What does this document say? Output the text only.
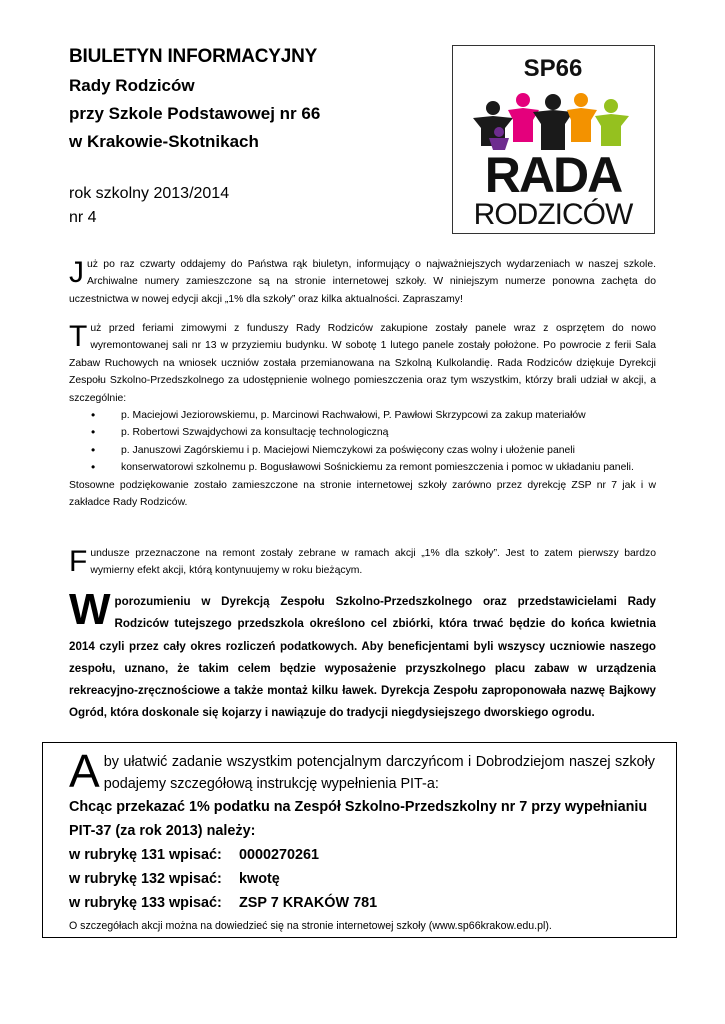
BIULETYN INFORMACYJNY
Rady Rodziców
przy Szkole Podstawowej nr 66
w Krakowie-Skotnikach
rok szkolny 2013/2014
nr 4
SP66
RADA
RODZICÓW
Już po raz czwarty oddajemy do Państwa rąk biuletyn, informujący o najważniejszych wydarzeniach w naszej szkole. Archiwalne numery zamieszczone są na stronie internetowej szkoły. W niniejszym numerze ponowna zachęta do uczestnictwa w nowej edycji akcji „1% dla szkoły” oraz kilka aktualności. Zapraszamy!
Tuż przed feriami zimowymi z funduszy Rady Rodziców zakupione zostały panele wraz z osprzętem do nowo wyremontowanej sali nr 13 w przyziemiu budynku. W sobotę 1 lutego panele zostały położone. Po powrocie z ferii Sala Zabaw Ruchowych na wniosek uczniów została przemianowana na Szkolną Kulkolandię. Rada Rodziców dziękuje Dyrekcji Zespołu Szkolno-Przedszkolnego za udostępnienie wolnego pomieszczenia oraz tym wszystkim, którzy brali udział w akcji, a szczególnie:
• p. Maciejowi Jeziorowskiemu, p. Marcinowi Rachwałowi, P. Pawłowi Skrzypcowi za zakup materiałów
• p. Robertowi Szwajdychowi za konsultację technologiczną
• p. Januszowi Zagórskiemu i p. Maciejowi Niemczykowi za poświęcony czas wolny i ułożenie paneli
• konserwatorowi szkolnemu p. Bogusławowi Sośnickiemu za remont pomieszczenia i pomoc w układaniu paneli.
Stosowne podziękowanie zostało zamieszczone na stronie internetowej szkoły zarówno przez dyrekcję ZSP nr 7 jak i w zakładce Rady Rodziców.
Fundusze przeznaczone na remont zostały zebrane w ramach akcji „1% dla szkoły”. Jest to zatem pierwszy bardzo wymierny efekt akcji, którą kontynuujemy w roku bieżącym.
Wporozumieniu w Dyrekcją Zespołu Szkolno-Przedszkolnego oraz przedstawicielami Rady Rodziców tutejszego przedszkola określono cel zbiórki, która trwać będzie do końca kwietnia 2014 czyli przez cały okres rozliczeń podatkowych. Aby beneficjentami byli wszyscy uczniowie naszego zespołu, uznano, że takim celem będzie wyposażenie przyszkolnego placu zabaw w urządzenia rekreacyjno-zręcznościowe a także montaż kilku ławek. Dyrekcja Zespołu zaproponowała nazwę Bajkowy Ogród, która doskonale się kojarzy i nawiązuje do tradycji niegdysiejszego dworskiego ogrodu.
Aby ułatwić zadanie wszystkim potencjalnym darczyńcom i Dobrodziejom naszej szkoły podajemy szczegółową instrukcję wypełnienia PIT-a:
Chcąc przekazać 1% podatku na Zespół Szkolno-Przedszkolny nr 7 przy wypełnianiu PIT-37 (za rok 2013) należy:
w rubrykę 131 wpisać:	0000270261
w rubrykę 132 wpisać:	kwotę
w rubrykę 133 wpisać:	ZSP 7 KRAKÓW 781
O szczegółach akcji można na dowiedzieć się na stronie internetowej szkoły (www.sp66krakow.edu.pl).
